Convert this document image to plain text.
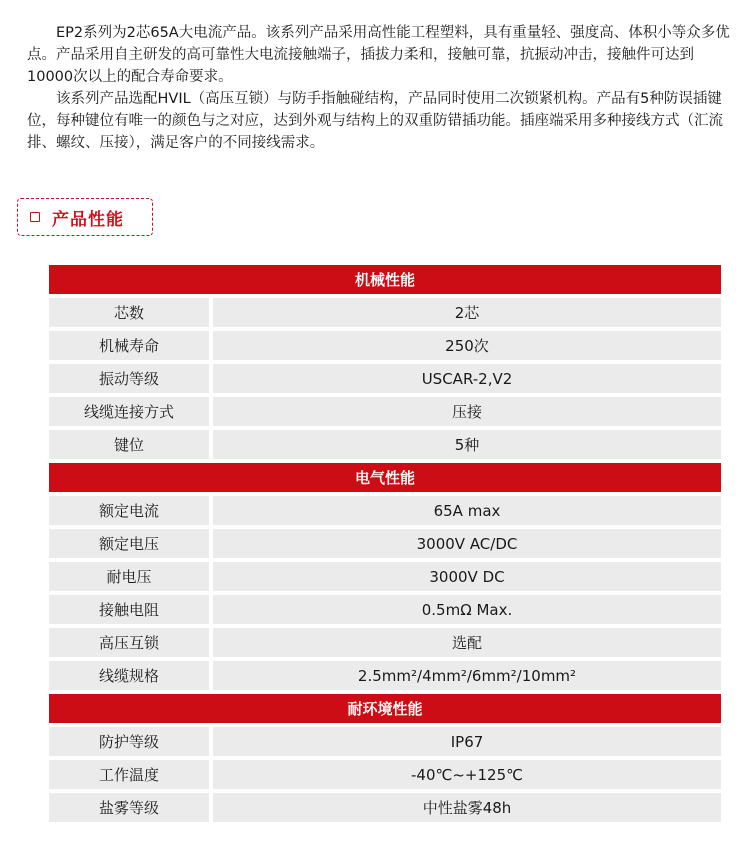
EP2系列为2芯65A大电流产品。该系列产品采用高性能工程塑料，具有重量轻、强度高、体积小等众多优点。产品采用自主研发的高可靠性大电流接触端子，插拔力柔和，接触可靠，抗振动冲击，接触件可达到10000次以上的配合寿命要求。

该系列产品选配HVIL（高压互锁）与防手指触碰结构，产品同时使用二次锁紧机构。产品有5种防误插键位，每种键位有唯一的颜色与之对应，达到外观与结构上的双重防错插功能。插座端采用多种接线方式（汇流排、螺纹、压接），满足客户的不同接线需求。

产品性能
机械性能	
芯数	2芯
机械寿命	250次
振动等级	USCAR-2,V2
线缆连接方式	压接
键位	5种
电气性能	
额定电流	65A max
额定电压	3000V AC/DC
耐电压	3000V DC
接触电阻	0.5mΩ Max.
高压互锁	选配
线缆规格	2.5mm²/4mm²/6mm²/10mm²
耐环境性能	
防护等级	IP67
工作温度	-40℃~+125℃
盐雾等级	中性盐雾48h
